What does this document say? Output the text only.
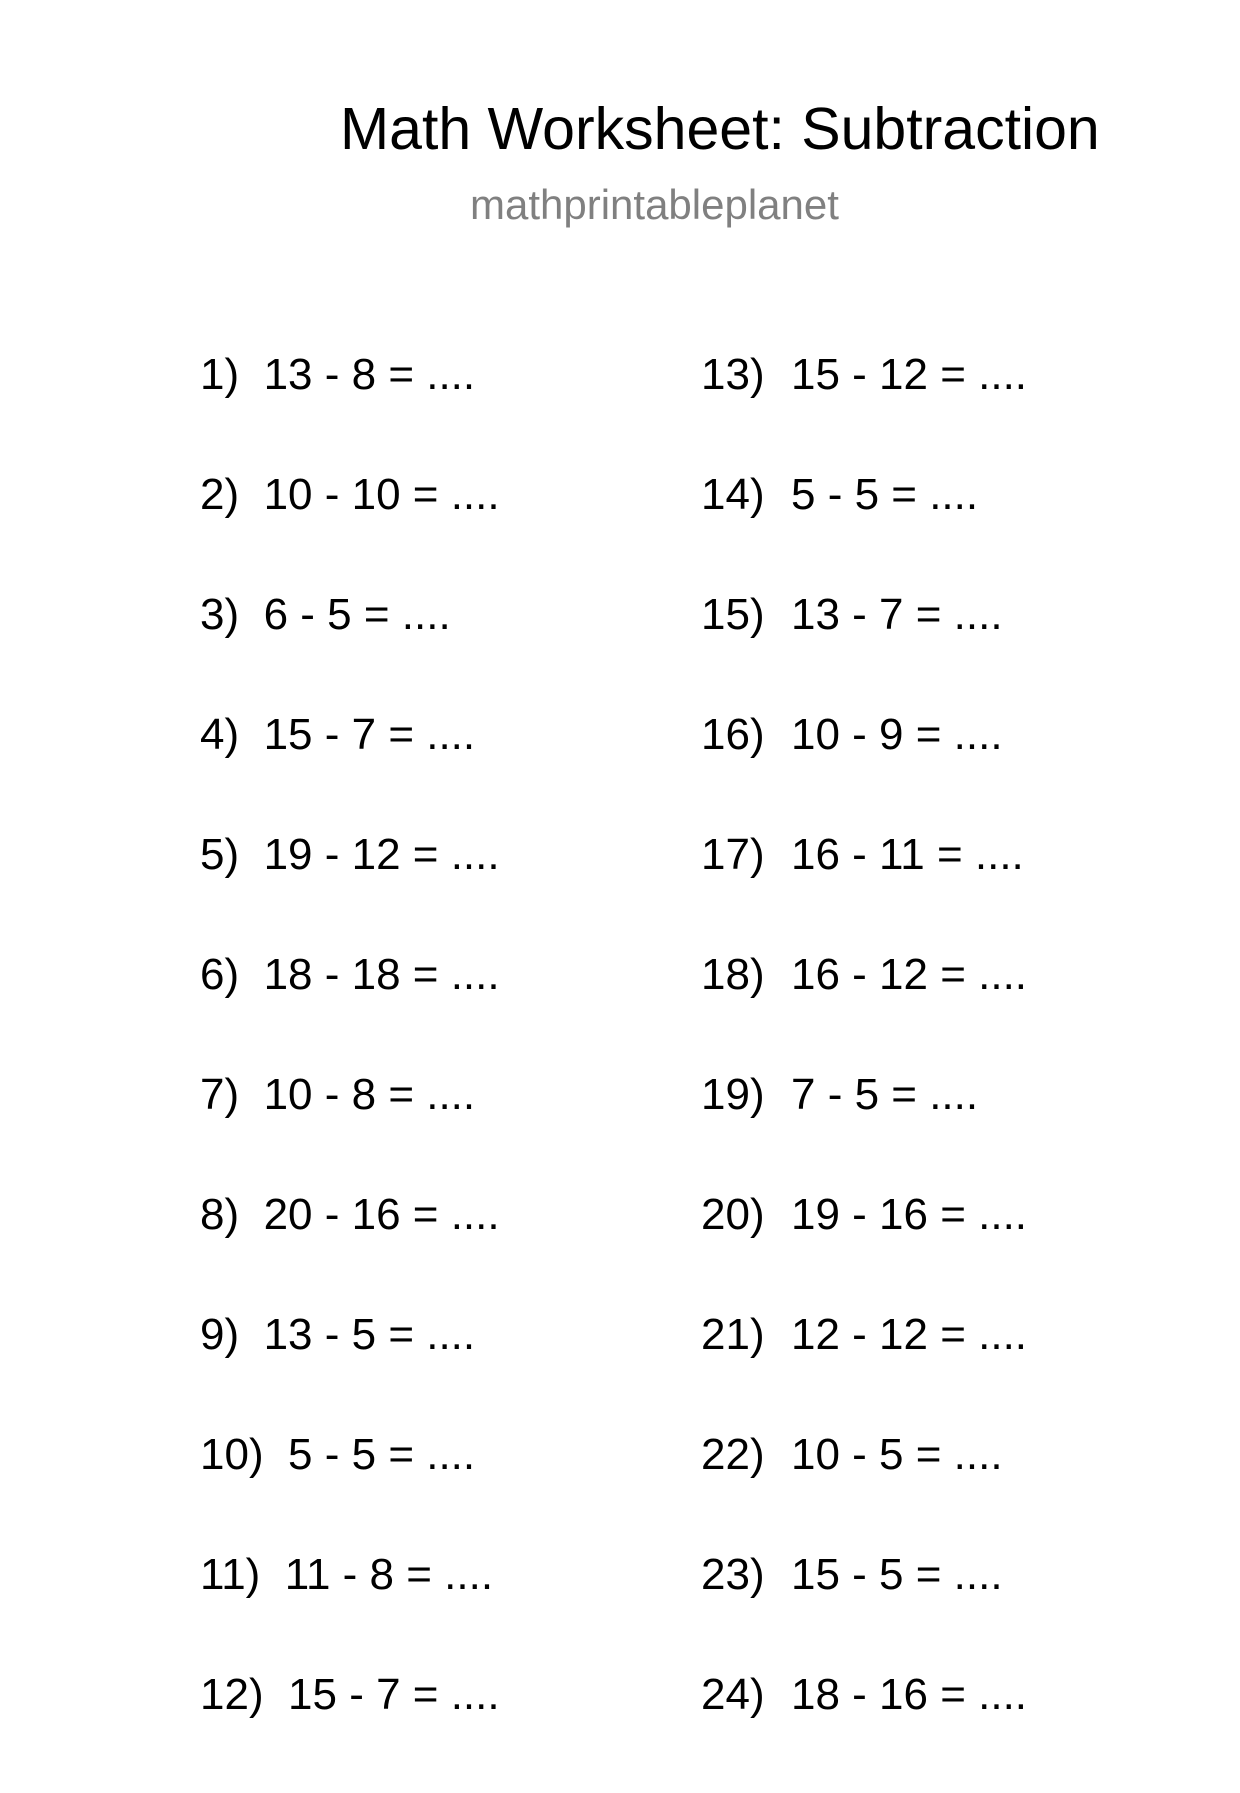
Math Worksheet: Subtraction
mathprintableplanet
1) 13 - 8 = ....
2) 10 - 10 = ....
3) 6 - 5 = ....
4) 15 - 7 = ....
5) 19 - 12 = ....
6) 18 - 18 = ....
7) 10 - 8 = ....
8) 20 - 16 = ....
9) 13 - 5 = ....
10) 5 - 5 = ....
11) 11 - 8 = ....
12) 15 - 7 = ....
13) 15 - 12 = ....
14) 5 - 5 = ....
15) 13 - 7 = ....
16) 10 - 9 = ....
17) 16 - 11 = ....
18) 16 - 12 = ....
19) 7 - 5 = ....
20) 19 - 16 = ....
21) 12 - 12 = ....
22) 10 - 5 = ....
23) 15 - 5 = ....
24) 18 - 16 = ....
